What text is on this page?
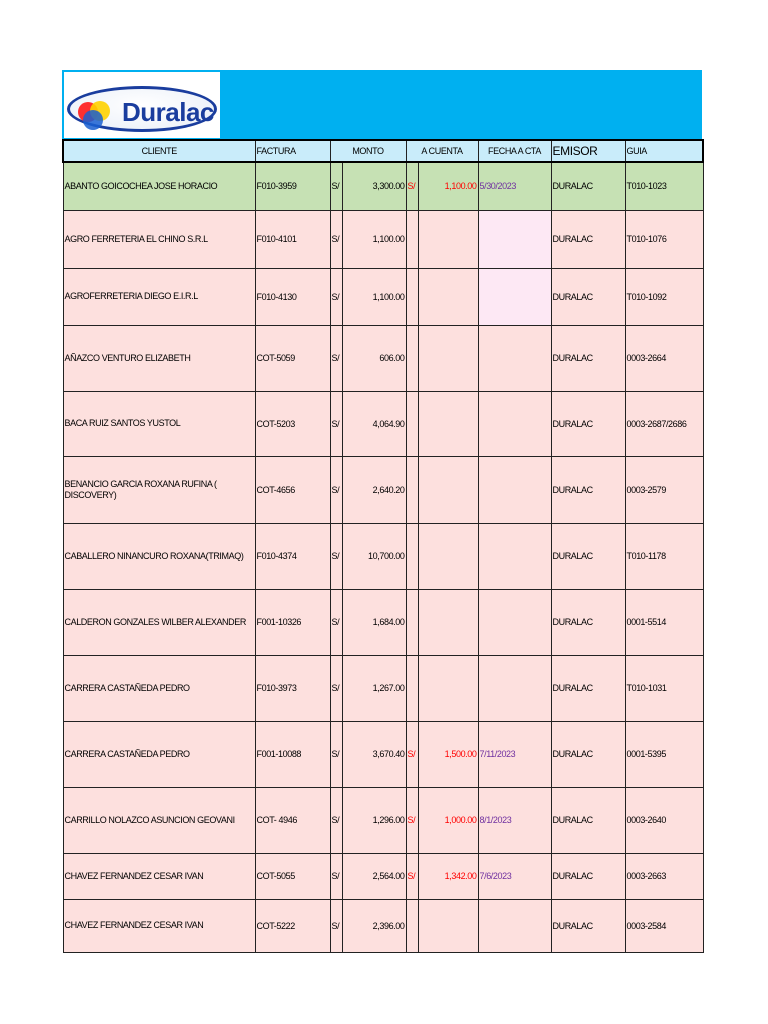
Duralac
CLIENTE	FACTURA	MONTO		A CUENTA		FECHA A CTA	EMISOR	GUIA
ABANTO GOICOCHEA JOSE HORACIO	F010-3959	S/	3,300.00	S/	1,100.00	5/30/2023	DURALAC	T010-1023
AGRO FERRETERIA EL CHINO S.R.L	F010-4101	S/	1,100.00				DURALAC	T010-1076
AGROFERRETERIA DIEGO E.I.R.L	F010-4130	S/	1,100.00				DURALAC	T010-1092
AÑAZCO VENTURO ELIZABETH	COT-5059	S/	606.00				DURALAC	0003-2664
BACA RUIZ SANTOS YUSTOL	COT-5203	S/	4,064.90				DURALAC	0003-2687/2686
BENANCIO GARCIA ROXANA RUFINA ( DISCOVERY)	COT-4656	S/	2,640.20				DURALAC	0003-2579
CABALLERO NINANCURO ROXANA(TRIMAQ)	F010-4374	S/	10,700.00				DURALAC	T010-1178
CALDERON GONZALES WILBER ALEXANDER	F001-10326	S/	1,684.00				DURALAC	0001-5514
CARRERA CASTAÑEDA PEDRO	F010-3973	S/	1,267.00				DURALAC	T010-1031
CARRERA CASTAÑEDA PEDRO	F001-10088	S/	3,670.40	S/	1,500.00	7/11/2023	DURALAC	0001-5395
CARRILLO NOLAZCO ASUNCION GEOVANI	COT- 4946	S/	1,296.00	S/	1,000.00	8/1/2023	DURALAC	0003-2640
CHAVEZ FERNANDEZ CESAR IVAN	COT-5055	S/	2,564.00	S/	1,342.00	7/6/2023	DURALAC	0003-2663
CHAVEZ FERNANDEZ CESAR IVAN	COT-5222	S/	2,396.00				DURALAC	0003-2584
